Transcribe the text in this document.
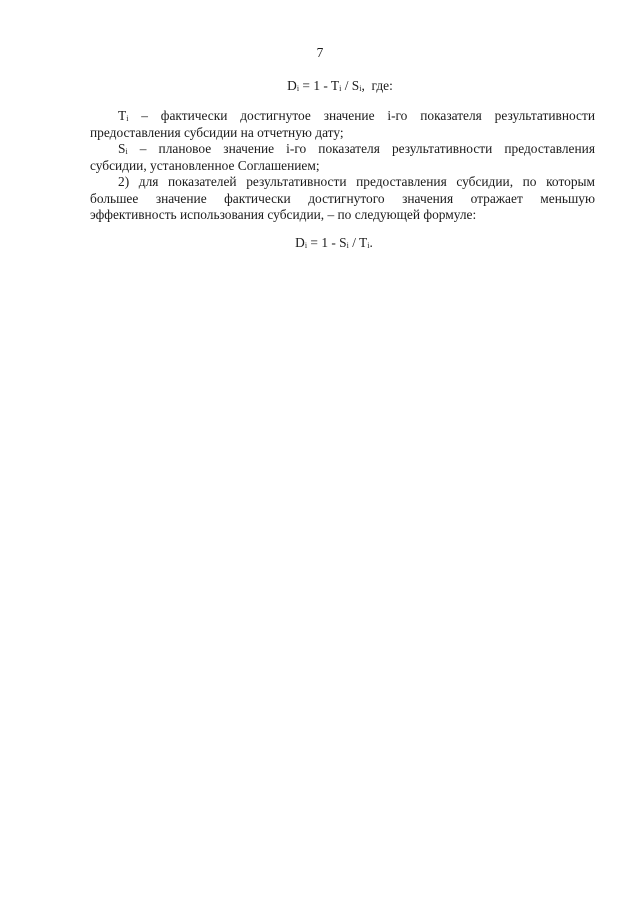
7
$D_i = 1 - T_i / S_i$,  где:
$T_i$ – фактически достигнутое значение i-го показателя результативности
предоставления субсидии на отчетную дату;
$S_i$ – плановое значение i-го показателя результативности предоставления
субсидии, установленное Соглашением;
2) для показателей результативности предоставления субсидии, по которым
большее значение фактически достигнутого значения отражает меньшую
эффективность использования субсидии, – по следующей формуле:
$D_i = 1 - S_i / T_i$.
